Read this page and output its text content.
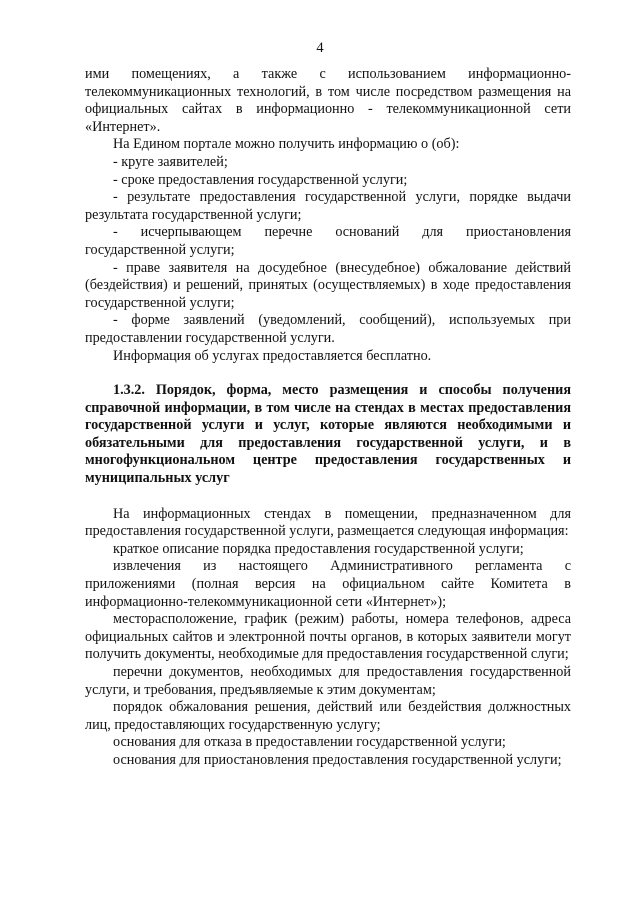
4

ими помещениях, а также с использованием информационно-телекоммуникационных технологий, в том числе посредством размещения на официальных сайтах в информационно - телекоммуникационной сети «Интернет».

На Едином портале можно получить информацию о (об):

- круге заявителей;

- сроке предоставления государственной услуги;

- результате предоставления государственной услуги, порядке выдачи результата государственной услуги;

- исчерпывающем перечне оснований для приостановления государственной услуги;

- праве заявителя на досудебное (внесудебное) обжалование действий (бездействия) и решений, принятых (осуществляемых) в ходе предоставления государственной услуги;

- форме заявлений (уведомлений, сообщений), используемых при предоставлении государственной услуги.

Информация об услугах предоставляется бесплатно.

1.3.2. Порядок, форма, место размещения и способы получения справочной информации, в том числе на стендах в местах предоставления государственной услуги и услуг, которые являются необходимыми и обязательными для предоставления государственной услуги, и в многофункциональном центре предоставления государственных и муниципальных услуг

На информационных стендах в помещении, предназначенном для предоставления государственной услуги, размещается следующая информация:

краткое описание порядка предоставления государственной услуги;

извлечения из настоящего Административного регламента с приложениями (полная версия на официальном сайте Комитета в информационно-телекоммуникационной сети «Интернет»);

месторасположение, график (режим) работы, номера телефонов, адреса официальных сайтов и электронной почты органов, в которых заявители могут получить документы, необходимые для предоставления государственной слуги;

перечни документов, необходимых для предоставления государственной услуги, и требования, предъявляемые к этим документам;

порядок обжалования решения, действий или бездействия должностных лиц, предоставляющих государственную услугу;

основания для отказа в предоставлении государственной услуги;

основания для приостановления предоставления государственной услуги;
